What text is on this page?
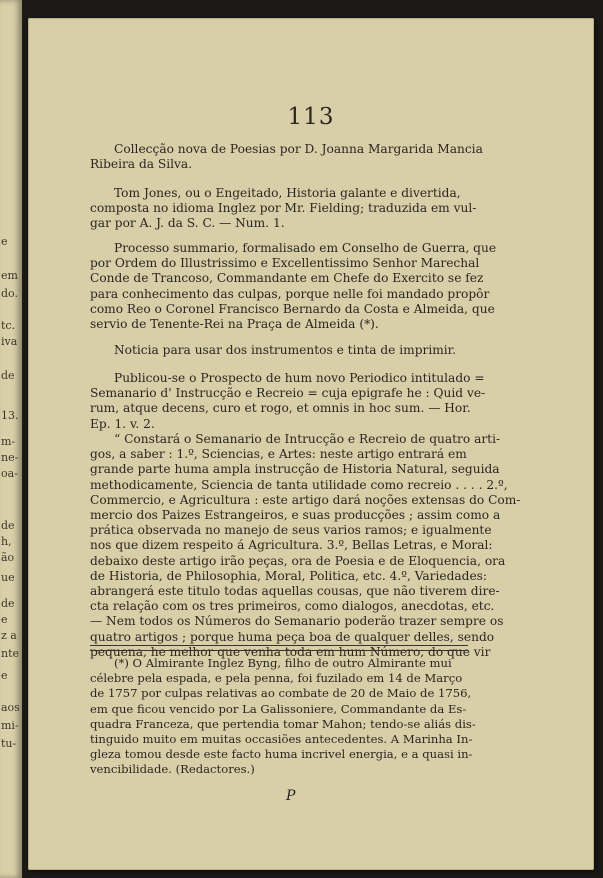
e
em
do.
tc.
iva
de
13.
m-
ne-
oa-
de
h,
ão
ue
de
e
z a
nte
e
aos
mi-
tu-
113
Collecção nova de Poesias por D. Joanna Margarida Mancia
Ribeira da Silva.
Tom Jones, ou o Engeitado, Historia galante e divertida,
composta no idioma Inglez por Mr. Fielding; traduzida em vul-
gar por A. J. da S. C. — Num. 1.
Processo summario, formalisado em Conselho de Guerra, que
por Ordem do Illustrissimo e Excellentissimo Senhor Marechal
Conde de Trancoso, Commandante em Chefe do Exercito se fez
para conhecimento das culpas, porque nelle foi mandado propôr
como Reo o Coronel Francisco Bernardo da Costa e Almeida, que
servio de Tenente-Rei na Praça de Almeida (*).
Noticia para usar dos instrumentos e tinta de imprimir.
Publicou-se o Prospecto de hum novo Periodico intitulado =
Semanario d' Instrucção e Recreio = cuja epigrafe he : Quid ve-
rum, atque decens, curo et rogo, et omnis in hoc sum. — Hor.
Ep. 1. v. 2.
“ Constará o Semanario de Intrucção e Recreio de quatro arti-
gos, a saber : 1.º, Sciencias, e Artes: neste artigo entrará em
grande parte huma ampla instrucção de Historia Natural, seguida
methodicamente, Sciencia de tanta utilidade como recreio . . . . 2.º,
Commercio, e Agricultura : este artigo dará noções extensas do Com-
mercio dos Paizes Estrangeiros, e suas producções ; assim como a
prática observada no manejo de seus varios ramos; e igualmente
nos que dizem respeito á Agricultura. 3.º, Bellas Letras, e Moral:
debaixo deste artigo irão peças, ora de Poesia e de Eloquencia, ora
de Historia, de Philosophia, Moral, Politica, etc. 4.º, Variedades:
abrangerá este titulo todas aquellas cousas, que não tiverem dire-
cta relação com os tres primeiros, como dialogos, anecdotas, etc.
— Nem todos os Números do Semanario poderão trazer sempre os
quatro artigos ; porque huma peça boa de qualquer delles, sendo
pequena, he melhor que venha toda em hum Número, do que vir
(*) O Almirante Inglez Byng, filho de outro Almirante mui
célebre pela espada, e pela penna, foi fuzilado em 14 de Março
de 1757 por culpas relativas ao combate de 20 de Maio de 1756,
em que ficou vencido por La Galissoniere, Commandante da Es-
quadra Franceza, que pertendia tomar Mahon; tendo-se aliás dis-
tinguido muito em muitas occasiões antecedentes. A Marinha In-
gleza tomou desde este facto huma incrivel energia, e a quasi in-
vencibilidade. (Redactores.)
P
